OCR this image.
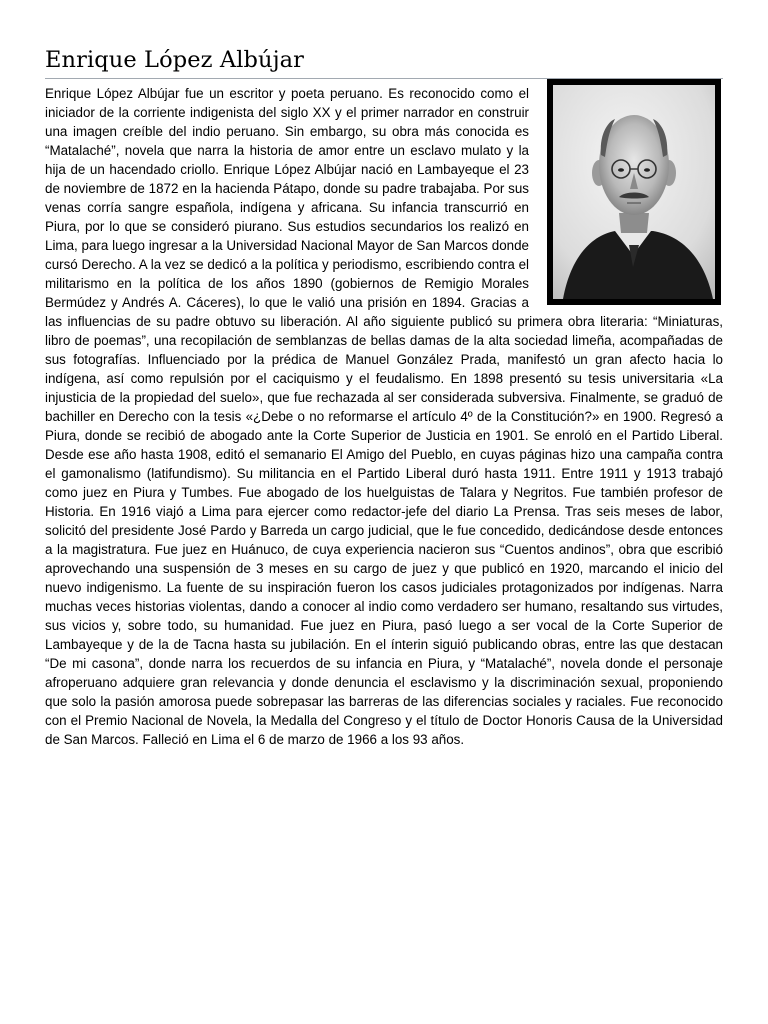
Enrique López Albújar

Enrique López Albújar fue un escritor y poeta peruano. Es reconocido como el iniciador de la corriente indigenista del siglo XX y el primer narrador en construir una imagen creíble del indio peruano. Sin embargo, su obra más conocida es “Matalaché”, novela que narra la historia de amor entre un esclavo mulato y la hija de un hacendado criollo. Enrique López Albújar nació en Lambayeque el 23 de noviembre de 1872 en la hacienda Pátapo, donde su padre trabajaba. Por sus venas corría sangre española, indígena y africana. Su infancia transcurrió en Piura, por lo que se consideró piurano. Sus estudios secundarios los realizó en Lima, para luego ingresar a la Universidad Nacional Mayor de San Marcos donde cursó Derecho. A la vez se dedicó a la política y periodismo, escribiendo contra el militarismo en la política de los años 1890 (gobiernos de Remigio Morales Bermúdez y Andrés A. Cáceres), lo que le valió una prisión en 1894. Gracias a las influencias de su padre obtuvo su liberación. Al año siguiente publicó su primera obra literaria: “Miniaturas, libro de poemas”, una recopilación de semblanzas de bellas damas de la alta sociedad limeña, acompañadas de sus fotografías. Influenciado por la prédica de Manuel González Prada, manifestó un gran afecto hacia lo indígena, así como repulsión por el caciquismo y el feudalismo. En 1898 presentó su tesis universitaria «La injusticia de la propiedad del suelo», que fue rechazada al ser considerada subversiva. Finalmente, se graduó de bachiller en Derecho con la tesis «¿Debe o no reformarse el artículo 4º de la Constitución?» en 1900. Regresó a Piura, donde se recibió de abogado ante la Corte Superior de Justicia en 1901. Se enroló en el Partido Liberal. Desde ese año hasta 1908, editó el semanario El Amigo del Pueblo, en cuyas páginas hizo una campaña contra el gamonalismo (latifundismo). Su militancia en el Partido Liberal duró hasta 1911. Entre 1911 y 1913 trabajó como juez en Piura y Tumbes. Fue abogado de los huelguistas de Talara y Negritos. Fue también profesor de Historia. En 1916 viajó a Lima para ejercer como redactor-jefe del diario La Prensa. Tras seis meses de labor, solicitó del presidente José Pardo y Barreda un cargo judicial, que le fue concedido, dedicándose desde entonces a la magistratura. Fue juez en Huánuco, de cuya experiencia nacieron sus “Cuentos andinos”, obra que escribió aprovechando una suspensión de 3 meses en su cargo de juez y que publicó en 1920, marcando el inicio del nuevo indigenismo. La fuente de su inspiración fueron los casos judiciales protagonizados por indígenas. Narra muchas veces historias violentas, dando a conocer al indio como verdadero ser humano, resaltando sus virtudes, sus vicios y, sobre todo, su humanidad. Fue juez en Piura, pasó luego a ser vocal de la Corte Superior de Lambayeque y de la de Tacna hasta su jubilación. En el ínterin siguió publicando obras, entre las que destacan “De mi casona”, donde narra los recuerdos de su infancia en Piura, y “Matalaché”, novela donde el personaje afroperuano adquiere gran relevancia y donde denuncia el esclavismo y la discriminación sexual, proponiendo que solo la pasión amorosa puede sobrepasar las barreras de las diferencias sociales y raciales. Fue reconocido con el Premio Nacional de Novela, la Medalla del Congreso y el título de Doctor Honoris Causa de la Universidad de San Marcos. Falleció en Lima el 6 de marzo de 1966 a los 93 años.
